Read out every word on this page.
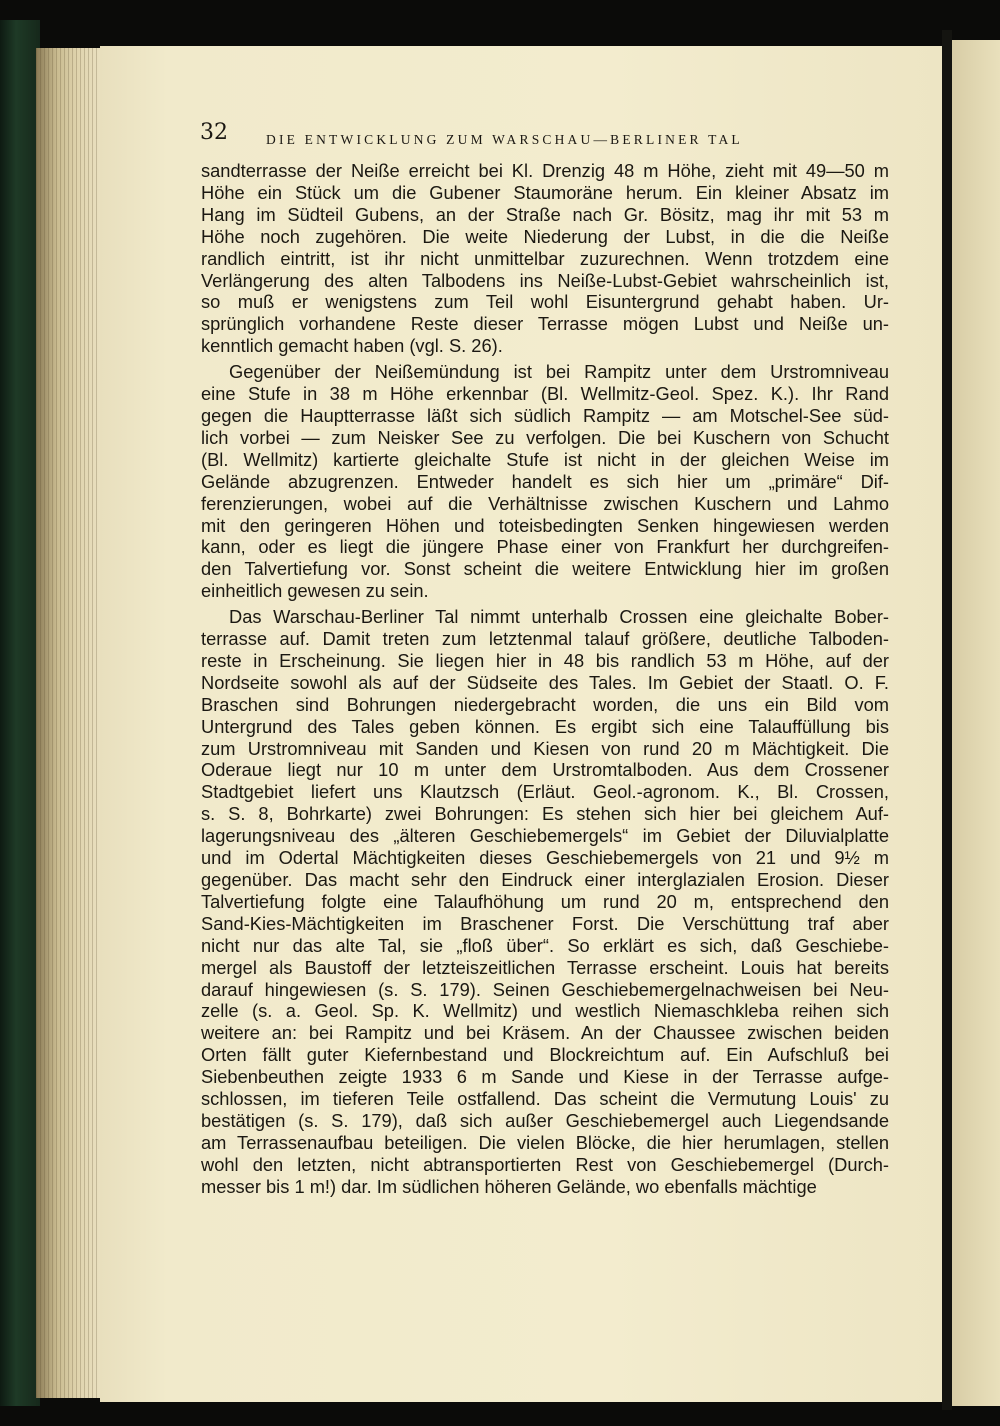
32	DIE ENTWICKLUNG ZUM WARSCHAU—BERLINER TAL
sandterrasse der Neiße erreicht bei Kl. Drenzig 48 m Höhe, zieht mit 49—50 m
Höhe ein Stück um die Gubener Staumoräne herum. Ein kleiner Absatz im
Hang im Südteil Gubens, an der Straße nach Gr. Bösitz, mag ihr mit 53 m
Höhe noch zugehören. Die weite Niederung der Lubst, in die die Neiße
randlich eintritt, ist ihr nicht unmittelbar zuzurechnen. Wenn trotzdem eine
Verlängerung des alten Talbodens ins Neiße-Lubst-Gebiet wahrscheinlich ist,
so muß er wenigstens zum Teil wohl Eisuntergrund gehabt haben. Ur-
sprünglich vorhandene Reste dieser Terrasse mögen Lubst und Neiße un-
kenntlich gemacht haben (vgl. S. 26).
Gegenüber der Neißemündung ist bei Rampitz unter dem Urstromniveau
eine Stufe in 38 m Höhe erkennbar (Bl. Wellmitz-Geol. Spez. K.). Ihr Rand
gegen die Hauptterrasse läßt sich südlich Rampitz — am Motschel-See süd-
lich vorbei — zum Neisker See zu verfolgen. Die bei Kuschern von Schucht
(Bl. Wellmitz) kartierte gleichalte Stufe ist nicht in der gleichen Weise im
Gelände abzugrenzen. Entweder handelt es sich hier um „primäre“ Dif-
ferenzierungen, wobei auf die Verhältnisse zwischen Kuschern und Lahmo
mit den geringeren Höhen und toteisbedingten Senken hingewiesen werden
kann, oder es liegt die jüngere Phase einer von Frankfurt her durchgreifen-
den Talvertiefung vor. Sonst scheint die weitere Entwicklung hier im großen
einheitlich gewesen zu sein.
Das Warschau-Berliner Tal nimmt unterhalb Crossen eine gleichalte Bober-
terrasse auf. Damit treten zum letztenmal talauf größere, deutliche Talboden-
reste in Erscheinung. Sie liegen hier in 48 bis randlich 53 m Höhe, auf der
Nordseite sowohl als auf der Südseite des Tales. Im Gebiet der Staatl. O. F.
Braschen sind Bohrungen niedergebracht worden, die uns ein Bild vom
Untergrund des Tales geben können. Es ergibt sich eine Talauffüllung bis
zum Urstromniveau mit Sanden und Kiesen von rund 20 m Mächtigkeit. Die
Oderaue liegt nur 10 m unter dem Urstromtalboden. Aus dem Crossener
Stadtgebiet liefert uns Klautzsch (Erläut. Geol.-agronom. K., Bl. Crossen,
s. S. 8, Bohrkarte) zwei Bohrungen: Es stehen sich hier bei gleichem Auf-
lagerungsniveau des „älteren Geschiebemergels“ im Gebiet der Diluvialplatte
und im Odertal Mächtigkeiten dieses Geschiebemergels von 21 und 9½ m
gegenüber. Das macht sehr den Eindruck einer interglazialen Erosion. Dieser
Talvertiefung folgte eine Talaufhöhung um rund 20 m, entsprechend den
Sand-Kies-Mächtigkeiten im Braschener Forst. Die Verschüttung traf aber
nicht nur das alte Tal, sie „floß über“. So erklärt es sich, daß Geschiebe-
mergel als Baustoff der letzteiszeitlichen Terrasse erscheint. Louis hat bereits
darauf hingewiesen (s. S. 179). Seinen Geschiebemergelnachweisen bei Neu-
zelle (s. a. Geol. Sp. K. Wellmitz) und westlich Niemaschkleba reihen sich
weitere an: bei Rampitz und bei Kräsem. An der Chaussee zwischen beiden
Orten fällt guter Kiefernbestand und Blockreichtum auf. Ein Aufschluß bei
Siebenbeuthen zeigte 1933 6 m Sande und Kiese in der Terrasse aufge-
schlossen, im tieferen Teile ostfallend. Das scheint die Vermutung Louis' zu
bestätigen (s. S. 179), daß sich außer Geschiebemergel auch Liegendsande
am Terrassenaufbau beteiligen. Die vielen Blöcke, die hier herumlagen, stellen
wohl den letzten, nicht abtransportierten Rest von Geschiebemergel (Durch-
messer bis 1 m!) dar. Im südlichen höheren Gelände, wo ebenfalls mächtige
